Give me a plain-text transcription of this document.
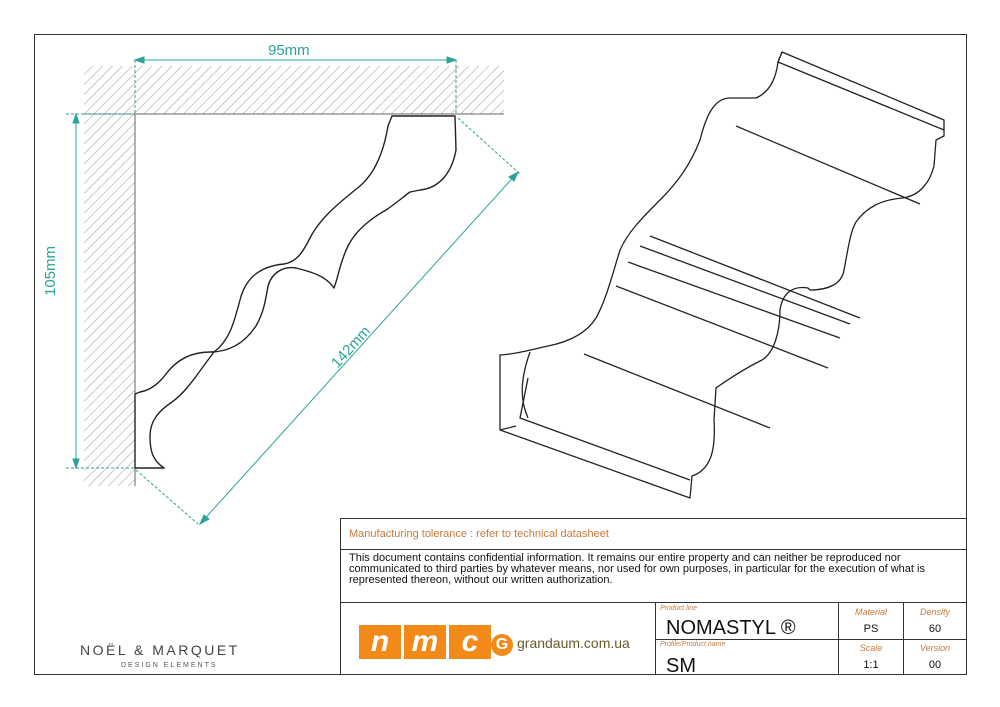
95mm
105mm
142mm
NOËL & MARQUET
DESIGN ELEMENTS
Manufacturing tolerance : refer to technical datasheet

This document contains confidential information. It remains our entire property and can neither be reproduced nor communicated to third parties by whatever means, nor used for own purposes, in particular for the execution of what is represented thereon, without our written authorization.

n m c	G grandaum.com.ua
Product line
NOMASTYL ®
Profile/Product name
SM
Material
PS
Scale
1:1
Density
60
Version
00
